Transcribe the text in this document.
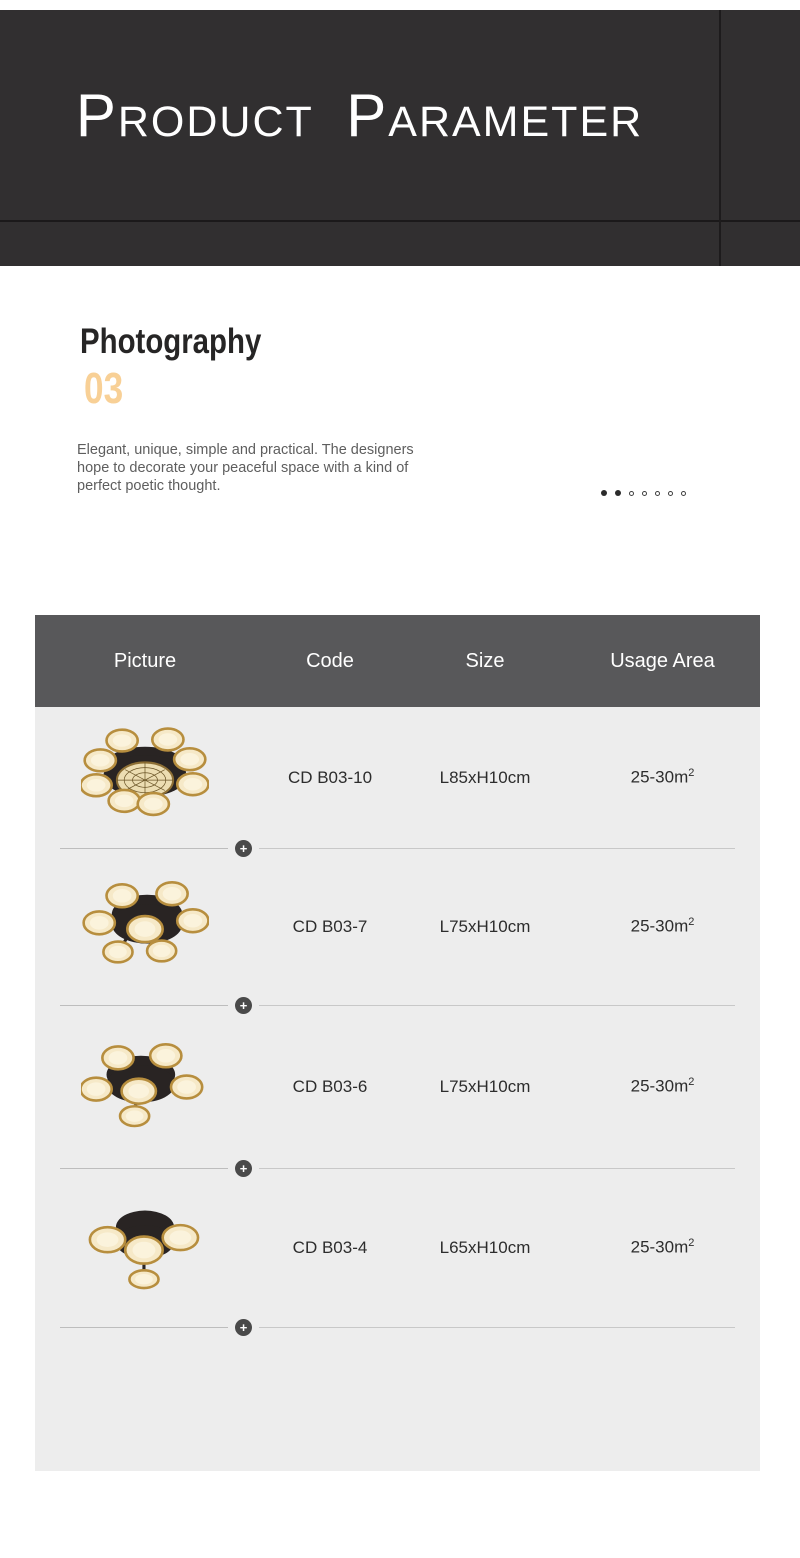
PRODUCT PARAMETER
Photography
03
Elegant, unique, simple and practical. The designers hope to decorate your peaceful space with a kind of perfect poetic thought.
Picture	Code	Size	Usage Area
CD B03-10	L85xH10cm	$25-30m^2$
+
CD B03-7	L75xH10cm	$25-30m^2$
+
CD B03-6	L75xH10cm	$25-30m^2$
+
CD B03-4	L65xH10cm	$25-30m^2$
+
